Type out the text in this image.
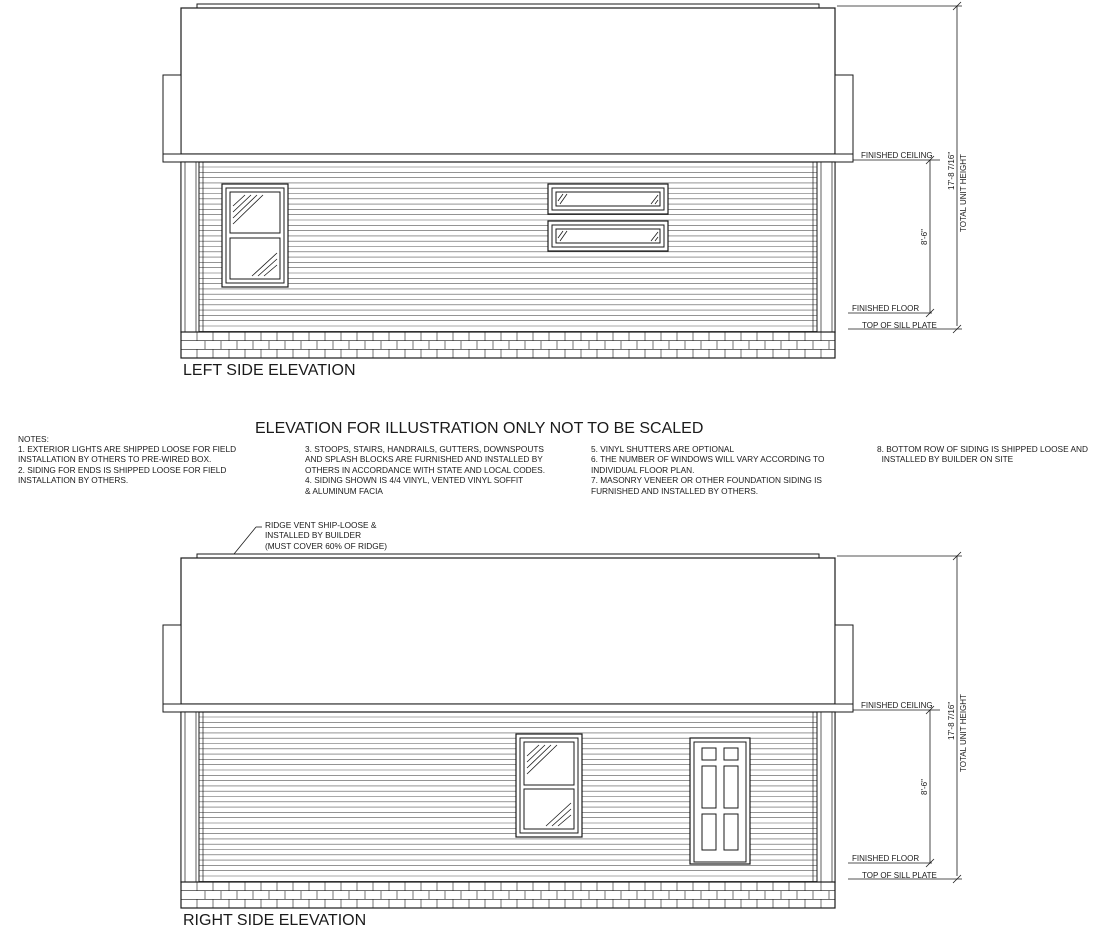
FINISHED CEILING
FINISHED FLOOR
TOP OF SILL PLATE
8'-6"
17'-8 7/16" TOTAL UNIT HEIGHT
LEFT SIDE ELEVATION
ELEVATION FOR ILLUSTRATION ONLY NOT TO BE SCALED
FINISHED CEILING
FINISHED FLOOR
TOP OF SILL PLATE
8'-6"
17'-8 7/16" TOTAL UNIT HEIGHT
RIGHT SIDE ELEVATION
NOTES:
1. EXTERIOR LIGHTS ARE SHIPPED LOOSE FOR FIELD
INSTALLATION BY OTHERS TO PRE-WIRED BOX.
2. SIDING FOR ENDS IS SHIPPED LOOSE FOR FIELD
INSTALLATION BY OTHERS.
3. STOOPS, STAIRS, HANDRAILS, GUTTERS, DOWNSPOUTS
AND SPLASH BLOCKS ARE FURNISHED AND INSTALLED BY
OTHERS IN ACCORDANCE WITH STATE AND LOCAL CODES.
4. SIDING SHOWN IS 4/4 VINYL, VENTED VINYL SOFFIT
& ALUMINUM FACIA
5. VINYL SHUTTERS ARE OPTIONAL
6. THE NUMBER OF WINDOWS WILL VARY ACCORDING TO
INDIVIDUAL FLOOR PLAN.
7. MASONRY VENEER OR OTHER FOUNDATION SIDING IS
FURNISHED AND INSTALLED BY OTHERS.
8. BOTTOM ROW OF SIDING IS SHIPPED LOOSE AND
INSTALLED BY BUILDER ON SITE
RIDGE VENT SHIP-LOOSE &
INSTALLED BY BUILDER
(MUST COVER 60% OF RIDGE)
